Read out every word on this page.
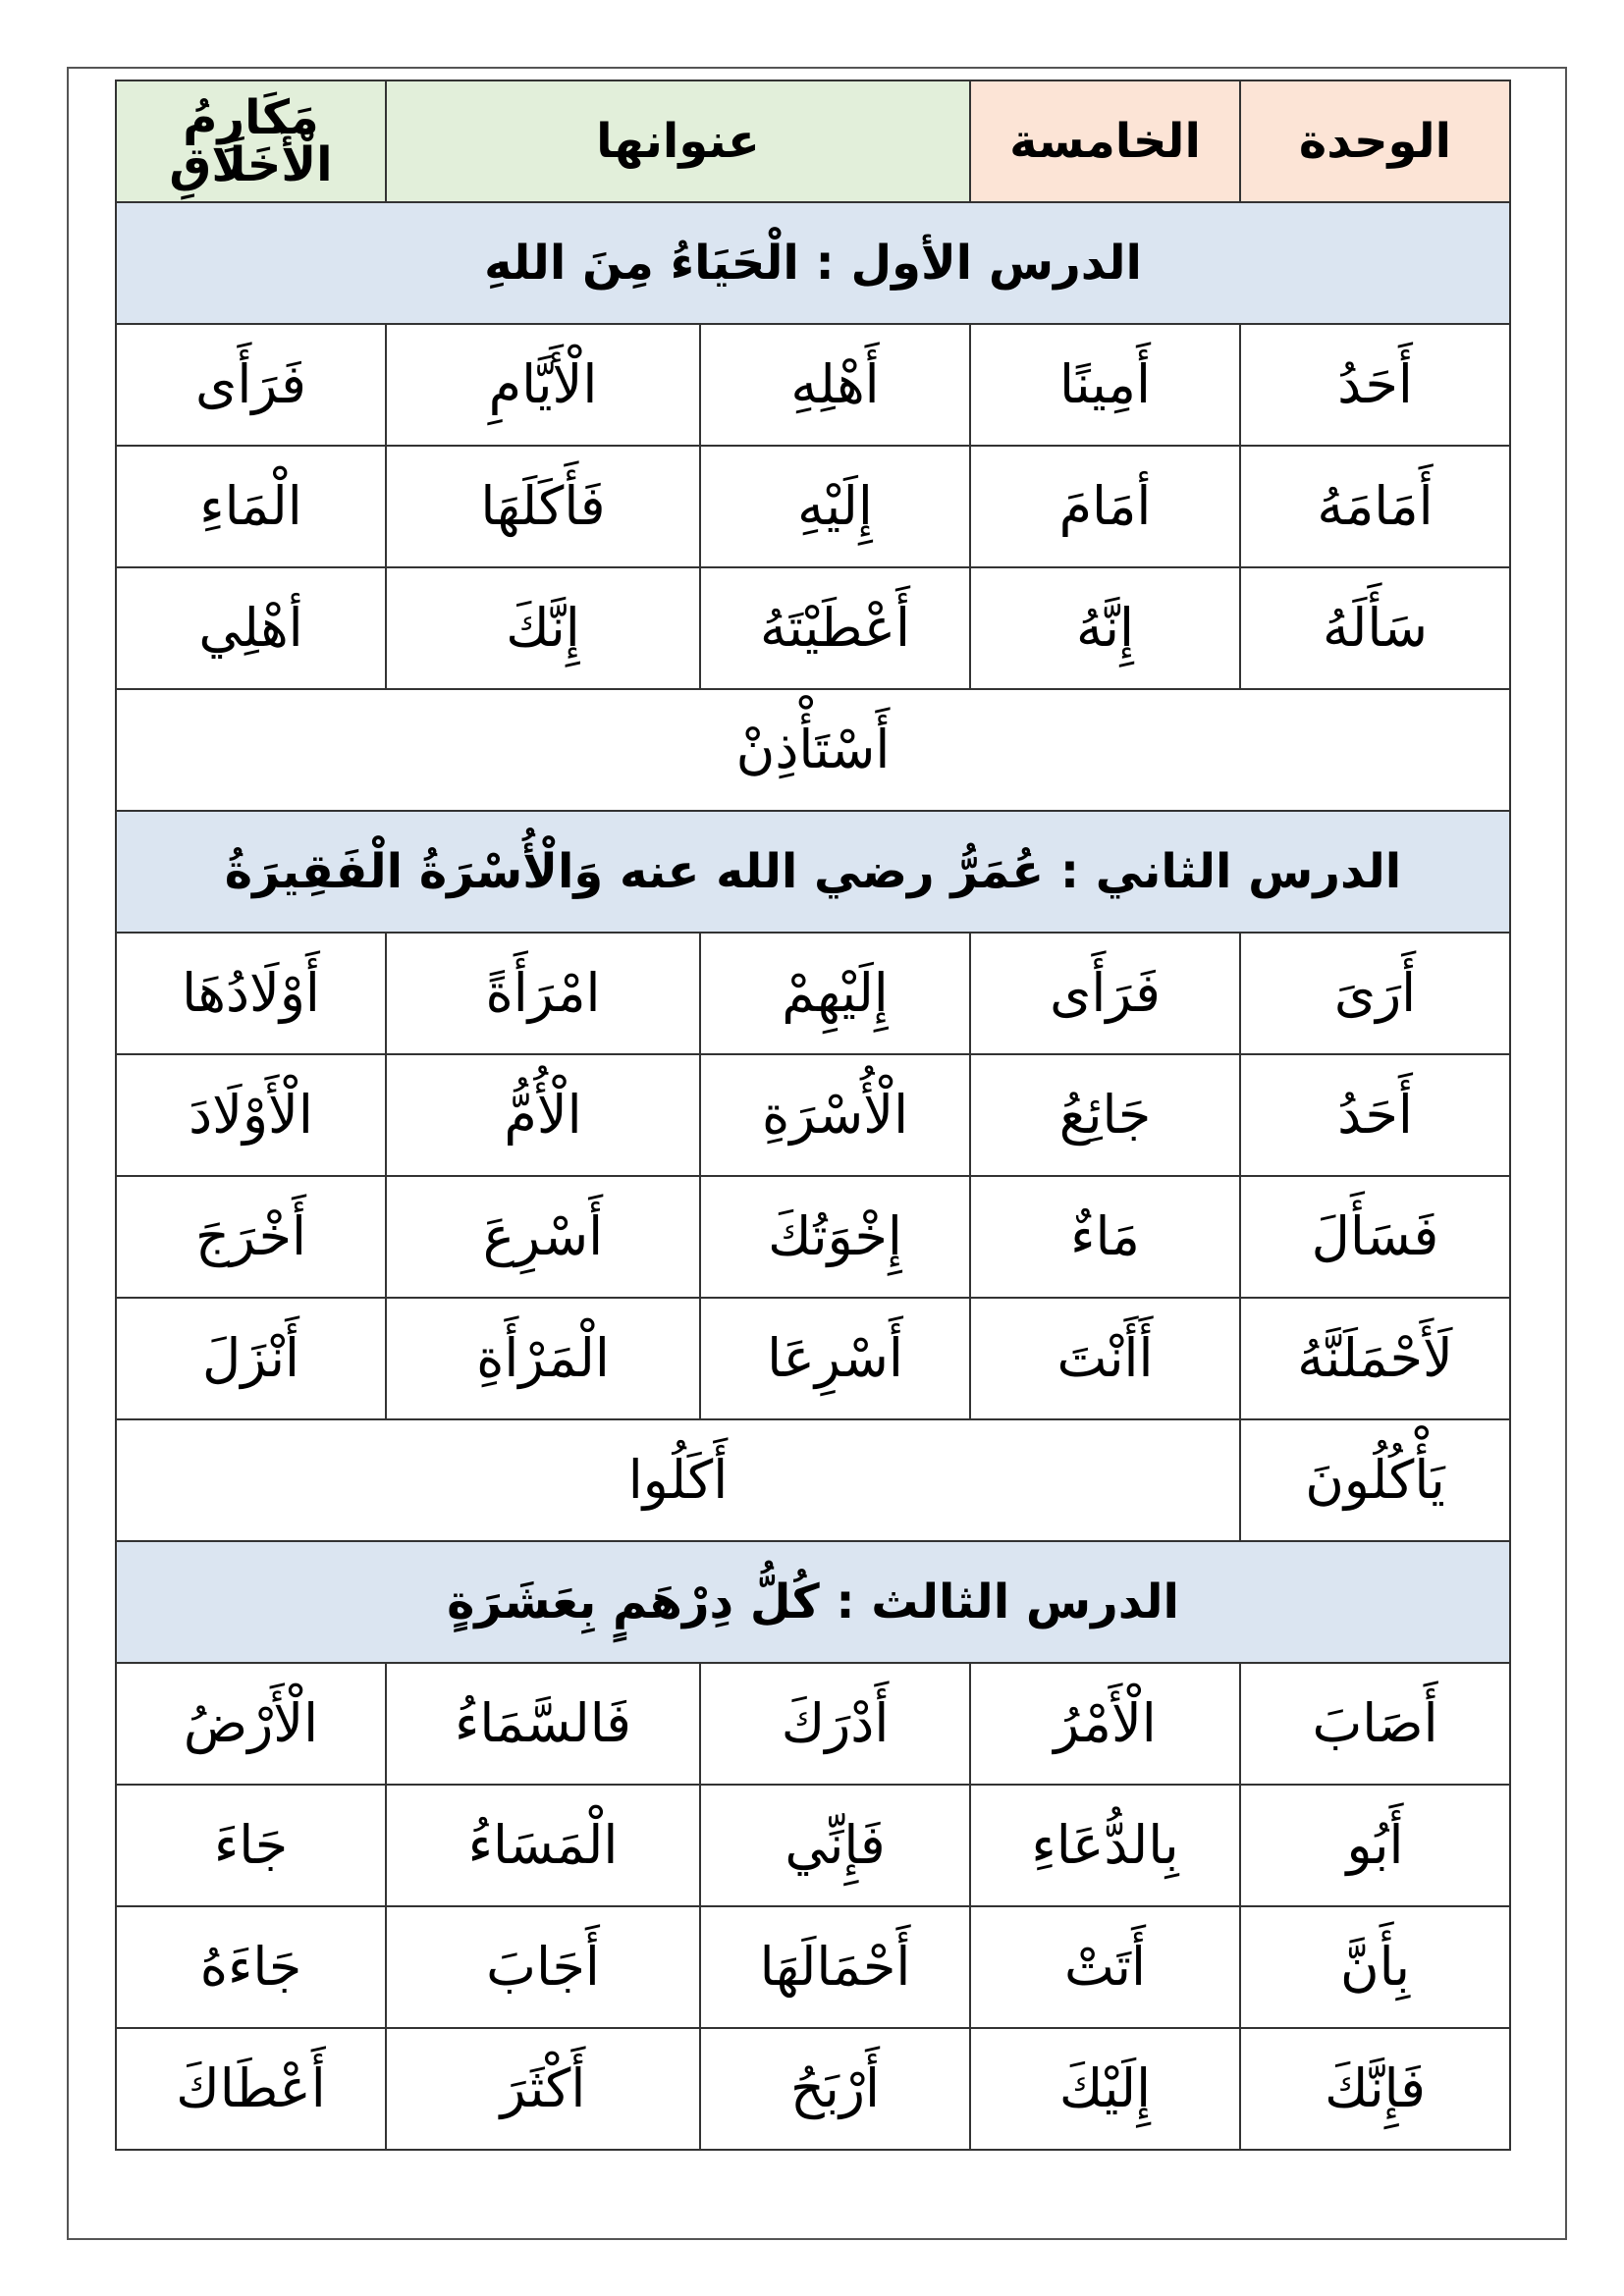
الوحدة	الخامسة	عنوانها		مَكَارِمُ الْأَخَلَاقِ
الدرس الأول : الْحَيَاءُ مِنَ اللهِ				
أَحَدُ	أَمِينًا	أَهْلِهِ	الْأَيَّامِ	فَرَأَى
أَمَامَهُ	أمَامَ	إِلَيْهِ	فَأَكَلَهَا	الْمَاءِ
سَأَلَهُ	إِنَّهُ	أَعْطَيْتَهُ	إِنَّكَ	أهْلِي
أَسْتَأْذِنْ				
الدرس الثاني : عُمَرُّ رضي الله عنه وَالْأُسْرَةُ الْفَقِيرَةُ				
أَرَىَ	فَرَأَى	إِلَيْهِمْ	امْرَأَةً	أَوْلَادُهَا
أَحَدُ	جَائِعُ	الْأُسْرَةِ	الْأُمُّ	الْأَوْلَادَ
فَسَأَلَ	مَاءٌ	إِخْوَتُكَ	أَسْرِعَ	أَخْرَجَ
لَأَحْمَلَنَّهُ	أَأَنْتَ	أَسْرِعَا	الْمَرْأَةِ	أَنْزَلَ
يَأْكُلُونَ	أَكَلُوا			
الدرس الثالث : كُلُّ دِرْهَمٍ بِعَشَرَةٍ				
أَصَابَ	الْأَمْرُ	أَدْرَكَ	فَالسَّمَاءُ	الْأَرْضُ
أَبُو	بِالدُّعَاءِ	فَإِنِّي	الْمَسَاءُ	جَاءَ
بِأَنَّ	أَتَتْ	أَحْمَالَهَا	أَجَابَ	جَاءَهُ
فَإِنَّكَ	إِلَيْكَ	أَرْبَحُ	أَكْثَرَ	أَعْطَاكَ
